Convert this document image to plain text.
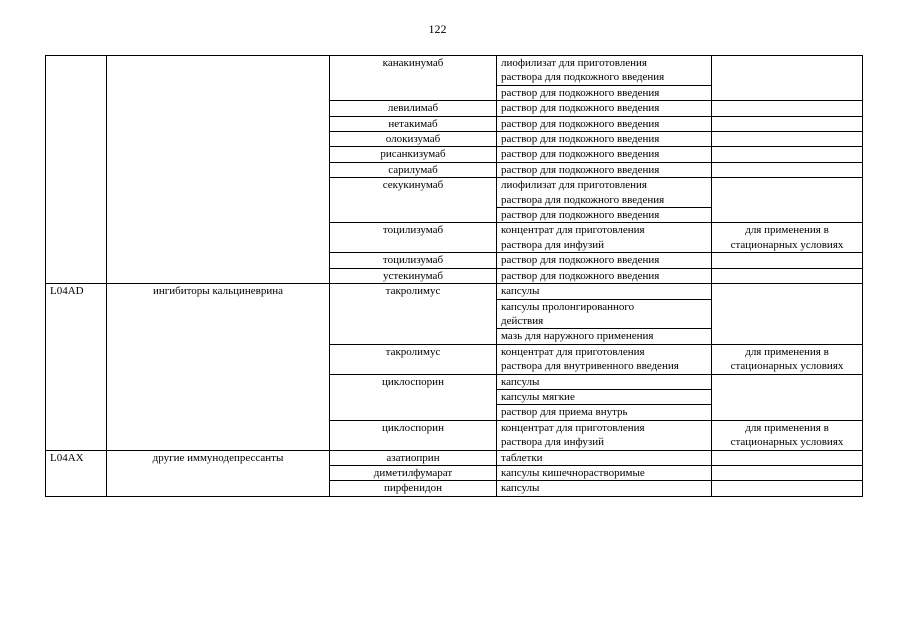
122

		канакинумаб	лиофилизат для приготовления
раствора для подкожного введения	

			раствор для подкожного введения	

		левилимаб	раствор для подкожного введения	

		нетакимаб	раствор для подкожного введения	

		олокизумаб	раствор для подкожного введения	

		рисанкизумаб	раствор для подкожного введения	

		сарилумаб	раствор для подкожного введения	

		секукинумаб	лиофилизат для приготовления
раствора для подкожного введения	

			раствор для подкожного введения	

		тоцилизумаб	концентрат для приготовления
раствора для инфузий	для применения в
стационарных условиях

		тоцилизумаб	раствор для подкожного введения	

		устекинумаб	раствор для подкожного введения	

L04AD	ингибиторы кальциневрина	такролимус	капсулы	

			капсулы пролонгированного
действия	

			мазь для наружного применения	

		такролимус	концентрат для приготовления
раствора для внутривенного введения	для применения в
стационарных условиях

		циклоспорин	капсулы	

			капсулы мягкие	

			раствор для приема внутрь	

		циклоспорин	концентрат для приготовления
раствора для инфузий	для применения в
стационарных условиях

L04AX	другие иммунодепрессанты	азатиоприн	таблетки	

		диметилфумарат	капсулы кишечнорастворимые	

		пирфенидон	капсулы	
